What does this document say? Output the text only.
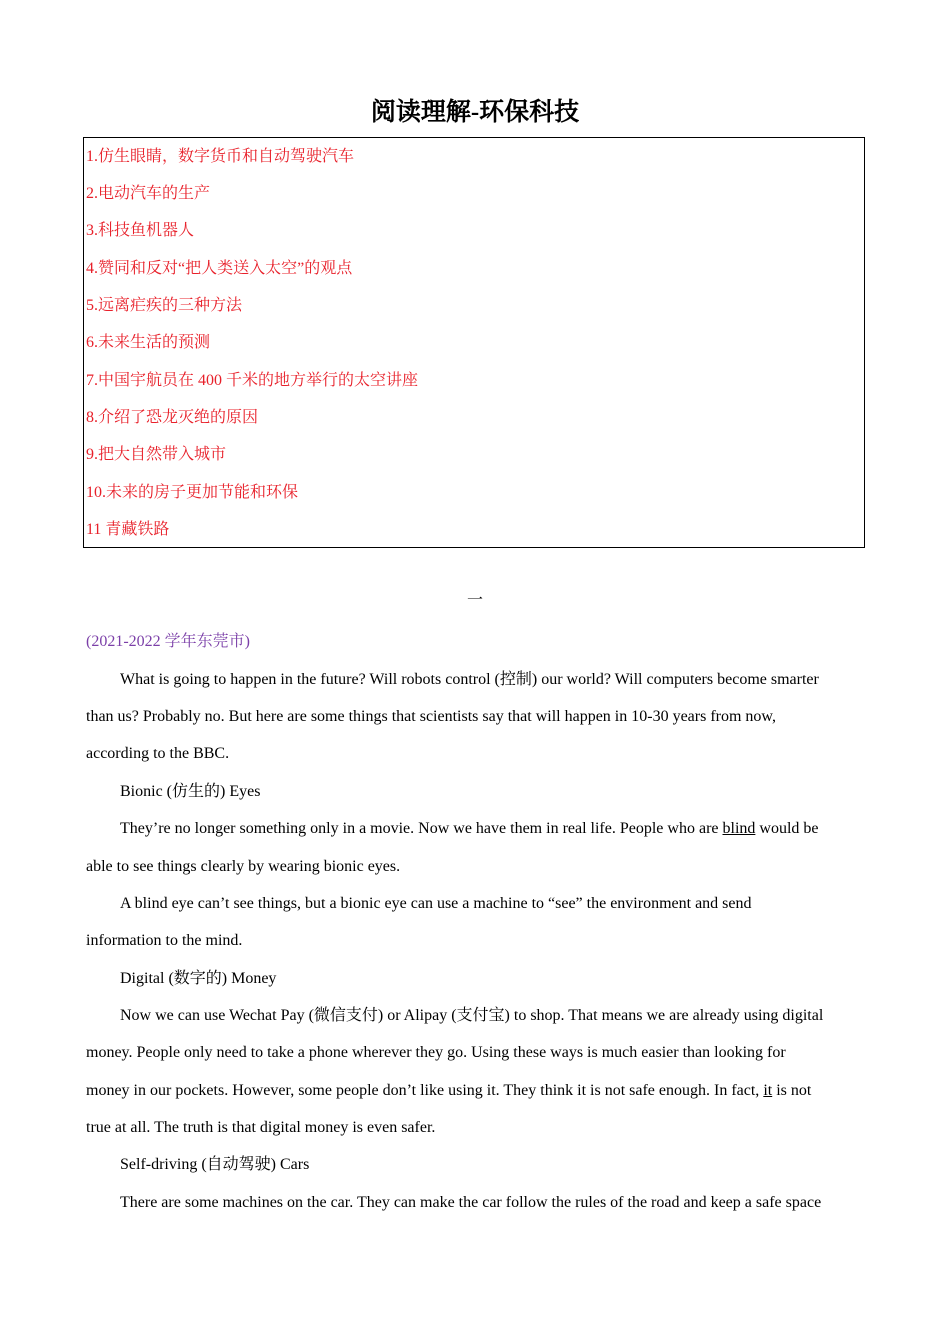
阅读理解-环保科技
1.仿生眼睛，数字货币和自动驾驶汽车
2.电动汽车的生产
3.科技鱼机器人
4.赞同和反对“把人类送入太空”的观点
5.远离疟疾的三种方法
6.未来生活的预测
7.中国宇航员在 400 千米的地方举行的太空讲座
8.介绍了恐龙灭绝的原因
9.把大自然带入城市
10.未来的房子更加节能和环保
11 青藏铁路
一
(2021-2022 学年东莞市)
What is going to happen in the future? Will robots control (控制) our world? Will computers become smarter
than us? Probably no. But here are some things that scientists say that will happen in 10-30 years from now,
according to the BBC.
Bionic (仿生的) Eyes
They’re no longer something only in a movie. Now we have them in real life. People who are blind would be
able to see things clearly by wearing bionic eyes.
A blind eye can’t see things, but a bionic eye can use a machine to “see” the environment and send
information to the mind.
Digital (数字的) Money
Now we can use Wechat Pay (微信支付) or Alipay (支付宝) to shop. That means we are already using digital
money. People only need to take a phone wherever they go. Using these ways is much easier than looking for
money in our pockets. However, some people don’t like using it. They think it is not safe enough. In fact, it is not
true at all. The truth is that digital money is even safer.
Self-driving (自动驾驶) Cars
There are some machines on the car. They can make the car follow the rules of the road and keep a safe space
